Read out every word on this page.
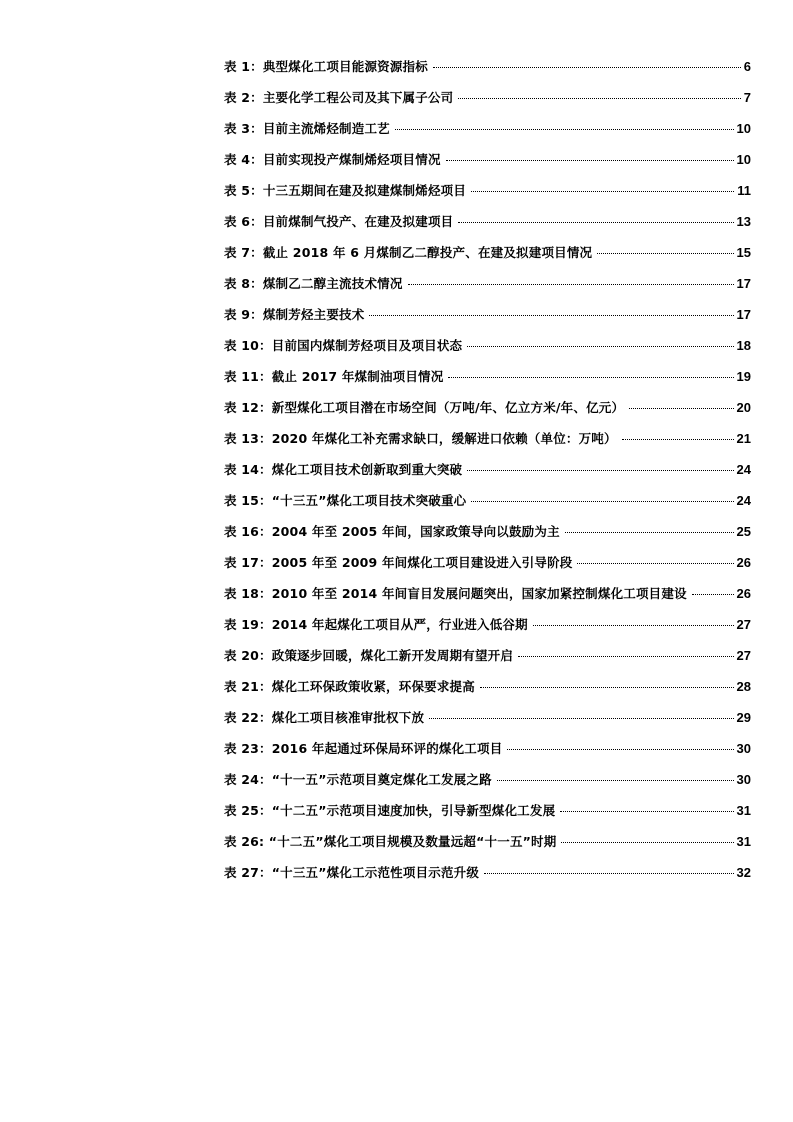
表 1：典型煤化工项目能源资源指标	6
表 2：主要化学工程公司及其下属子公司	7
表 3：目前主流烯烃制造工艺	10
表 4：目前实现投产煤制烯烃项目情况	10
表 5：十三五期间在建及拟建煤制烯烃项目	11
表 6：目前煤制气投产、在建及拟建项目	13
表 7：截止 2018 年 6 月煤制乙二醇投产、在建及拟建项目情况	15
表 8：煤制乙二醇主流技术情况	17
表 9：煤制芳烃主要技术	17
表 10：目前国内煤制芳烃项目及项目状态	18
表 11：截止 2017 年煤制油项目情况	19
表 12：新型煤化工项目潜在市场空间（万吨/年、亿立方米/年、亿元）	20
表 13：2020 年煤化工补充需求缺口，缓解进口依赖（单位：万吨）	21
表 14：煤化工项目技术创新取到重大突破	24
表 15：“十三五”煤化工项目技术突破重心	24
表 16：2004 年至 2005 年间，国家政策导向以鼓励为主	25
表 17：2005 年至 2009 年间煤化工项目建设进入引导阶段	26
表 18：2010 年至 2014 年间盲目发展问题突出，国家加紧控制煤化工项目建设	26
表 19：2014 年起煤化工项目从严，行业进入低谷期	27
表 20：政策逐步回暖，煤化工新开发周期有望开启	27
表 21：煤化工环保政策收紧，环保要求提高	28
表 22：煤化工项目核准审批权下放	29
表 23：2016 年起通过环保局环评的煤化工项目	30
表 24：“十一五”示范项目奠定煤化工发展之路	30
表 25：“十二五”示范项目速度加快，引导新型煤化工发展	31
表 26: “十二五”煤化工项目规模及数量远超“十一五”时期	31
表 27：“十三五”煤化工示范性项目示范升级	32
